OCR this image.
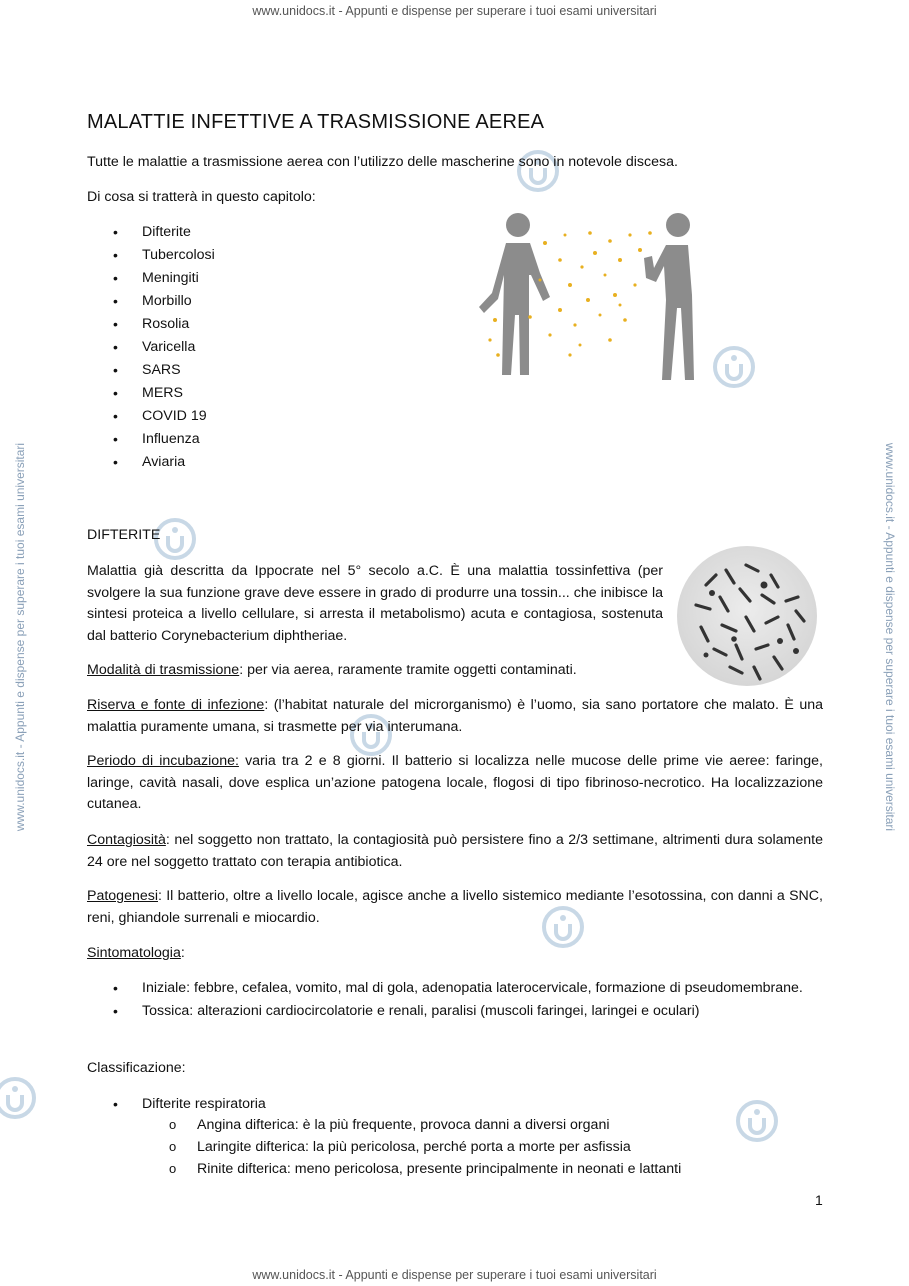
www.unidocs.it - Appunti e dispense per superare i tuoi esami universitari
www.unidocs.it - Appunti e dispense per superare i tuoi esami universitari
www.unidocs.it - Appunti e dispense per superare i tuoi esami universitari	www.unidocs.it - Appunti e dispense per superare i tuoi esami universitari
MALATTIE INFETTIVE A TRASMISSIONE AEREA

Tutte le malattie a trasmissione aerea con l’utilizzo delle mascherine sono in notevole discesa.

Di cosa si tratterà in questo capitolo:

• Difterite
• Tubercolosi
• Meningiti
• Morbillo
• Rosolia
• Varicella
• SARS
• MERS
• COVID 19
• Influenza
• Aviaria

DIFTERITE

Malattia già descritta da Ippocrate nel 5° secolo a.C. È una malattia tossinfettiva (per svolgere la sua funzione grave deve essere in grado di produrre una tossin... che inibisce la sintesi proteica a livello cellulare, si arresta il metabolismo) acuta e contagiosa, sostenuta dal batterio Corynebacterium diphtheriae.

Modalità di trasmissione: per via aerea, raramente tramite oggetti contaminati.

Riserva e fonte di infezione: (l’habitat naturale del microrganismo) è l’uomo, sia sano portatore che malato. È una malattia puramente umana, si trasmette per via interumana.

Periodo di incubazione: varia tra 2 e 8 giorni. Il batterio si localizza nelle mucose delle prime vie aeree: faringe, laringe, cavità nasali, dove esplica un’azione patogena locale, flogosi di tipo fibrinoso-necrotico. Ha localizzazione cutanea.

Contagiosità: nel soggetto non trattato, la contagiosità può persistere fino a 2/3 settimane, altrimenti dura solamente 24 ore nel soggetto trattato con terapia antibiotica.

Patogenesi: Il batterio, oltre a livello locale, agisce anche a livello sistemico mediante l’esotossina, con danni a SNC, reni, ghiandole surrenali e miocardio.

Sintomatologia:

• Iniziale: febbre, cefalea, vomito, mal di gola, adenopatia laterocervicale, formazione di pseudomembrane.
• Tossica: alterazioni cardiocircolatorie e renali, paralisi (muscoli faringei, laringei e oculari)

Classificazione:

• Difterite respiratoria
o Angina difterica: è la più frequente, provoca danni a diversi organi
o Laringite difterica: la più pericolosa, perché porta a morte per asfissia
o Rinite difterica: meno pericolosa, presente principalmente in neonati e lattanti
1
